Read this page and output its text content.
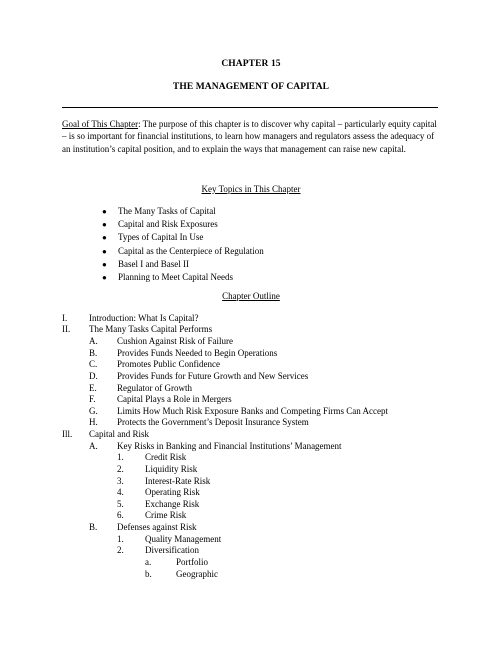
CHAPTER 15
THE MANAGEMENT OF CAPITAL
Goal of This Chapter: The purpose of this chapter is to discover why capital – particularly equity capital – is so important for financial institutions, to learn how managers and regulators assess the adequacy of an institution’s capital position, and to explain the ways that management can raise new capital.
Key Topics in This Chapter
● The Many Tasks of Capital
● Capital and Risk Exposures
● Types of Capital In Use
● Capital as the Centerpiece of Regulation
● Basel I and Basel II
● Planning to Meet Capital Needs
Chapter Outline
I. Introduction: What Is Capital?
II. The Many Tasks Capital Performs
A. Cushion Against Risk of Failure
B. Provides Funds Needed to Begin Operations
C. Promotes Public Confidence
D. Provides Funds for Future Growth and New Services
E. Regulator of Growth
F. Capital Plays a Role in Mergers
G. Limits How Much Risk Exposure Banks and Competing Firms Can Accept
H. Protects the Government’s Deposit Insurance System
Ill. Capital and Risk
A. Key Risks in Banking and Financial Institutions’ Management
1. Credit Risk
2. Liquidity Risk
3. Interest-Rate Risk
4. Operating Risk
5. Exchange Risk
6. Crime Risk
B. Defenses against Risk
1. Quality Management
2. Diversification
a.	Portfolio
b.	Geographic
